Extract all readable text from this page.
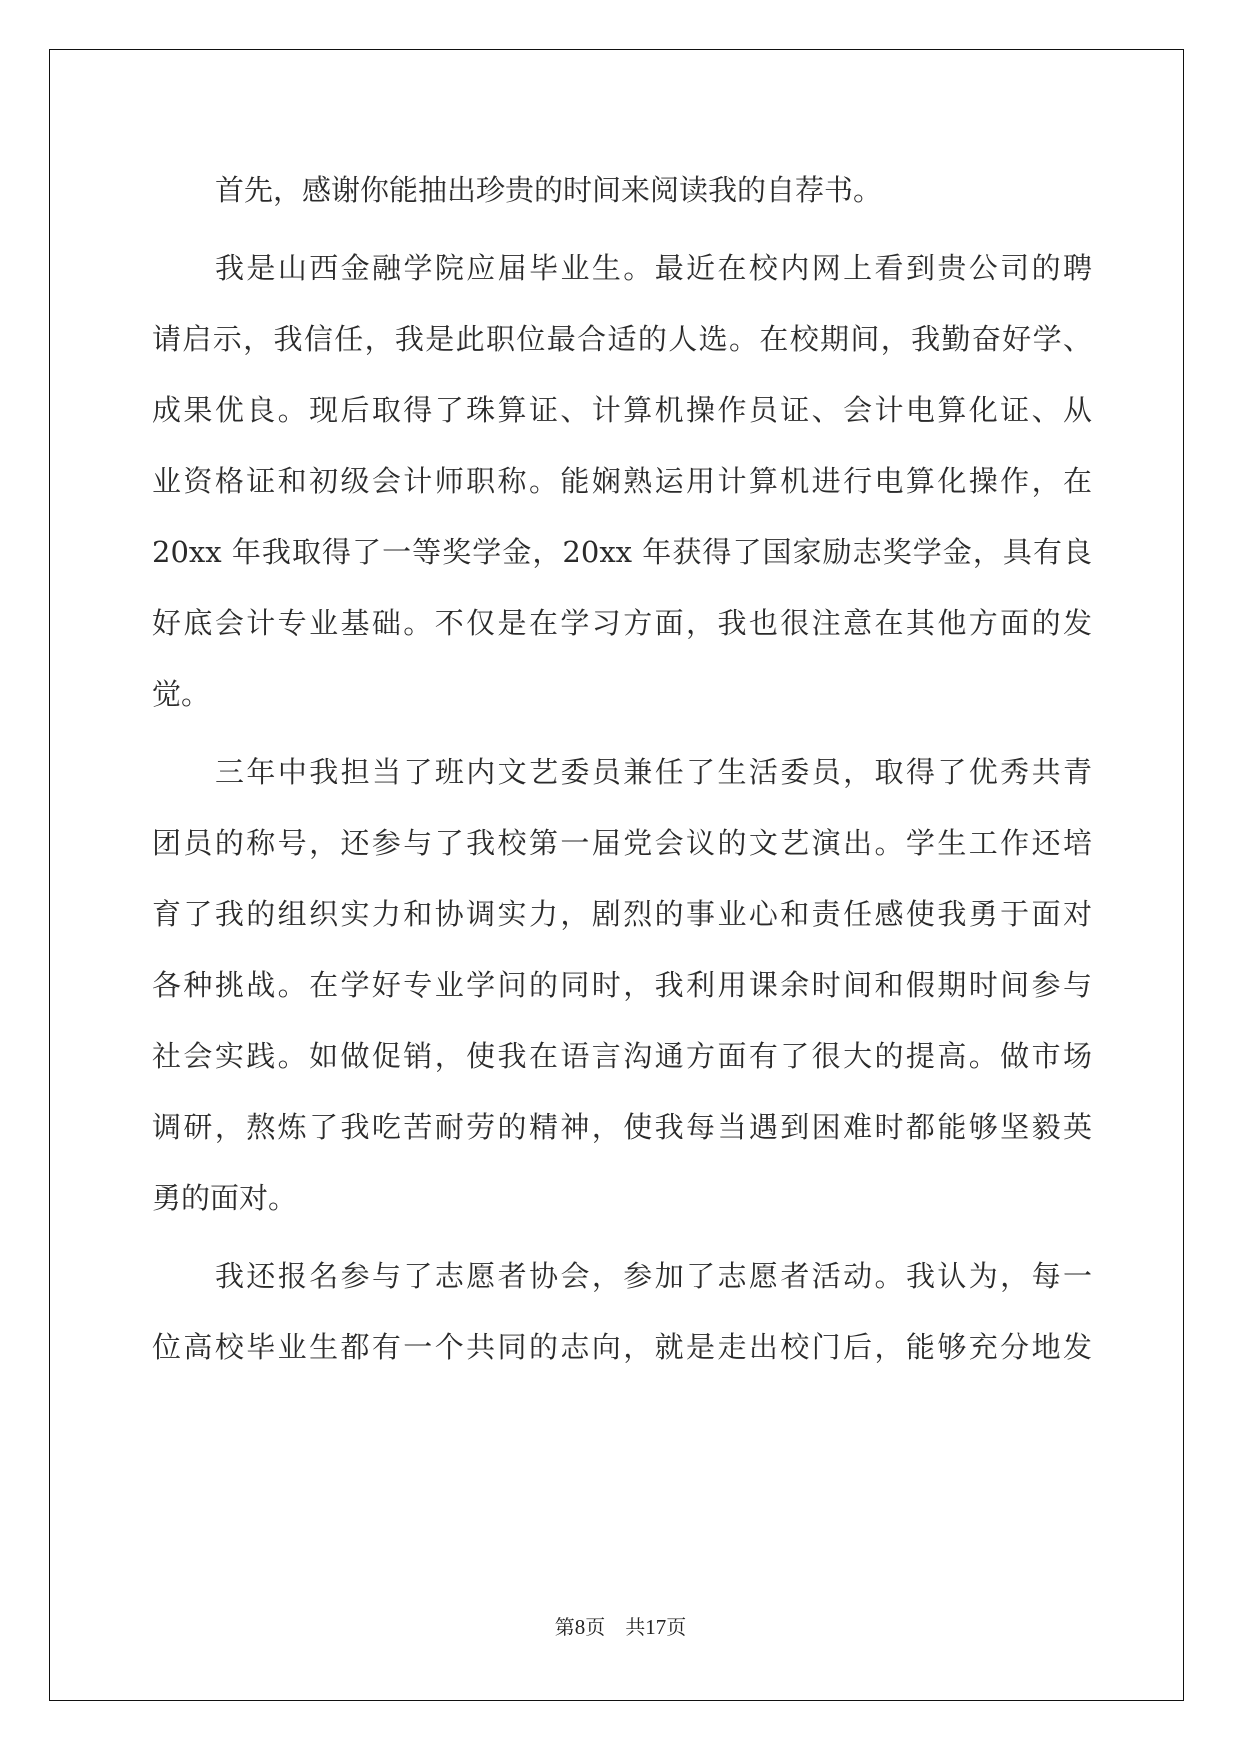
首先，感谢你能抽出珍贵的时间来阅读我的自荐书。
我是山西金融学院应届毕业生。最近在校内网上看到贵公司的聘
请启示，我信任，我是此职位最合适的人选。在校期间，我勤奋好学、
成果优良。现后取得了珠算证、计算机操作员证、会计电算化证、从
业资格证和初级会计师职称。能娴熟运用计算机进行电算化操作，在
20xx 年我取得了一等奖学金，20xx 年获得了国家励志奖学金，具有良
好底会计专业基础。不仅是在学习方面，我也很注意在其他方面的发
觉。
三年中我担当了班内文艺委员兼任了生活委员，取得了优秀共青
团员的称号，还参与了我校第一届党会议的文艺演出。学生工作还培
育了我的组织实力和协调实力，剧烈的事业心和责任感使我勇于面对
各种挑战。在学好专业学问的同时，我利用课余时间和假期时间参与
社会实践。如做促销，使我在语言沟通方面有了很大的提高。做市场
调研，熬炼了我吃苦耐劳的精神，使我每当遇到困难时都能够坚毅英
勇的面对。
我还报名参与了志愿者协会，参加了志愿者活动。我认为，每一
位高校毕业生都有一个共同的志向，就是走出校门后，能够充分地发
第8页 共17页
